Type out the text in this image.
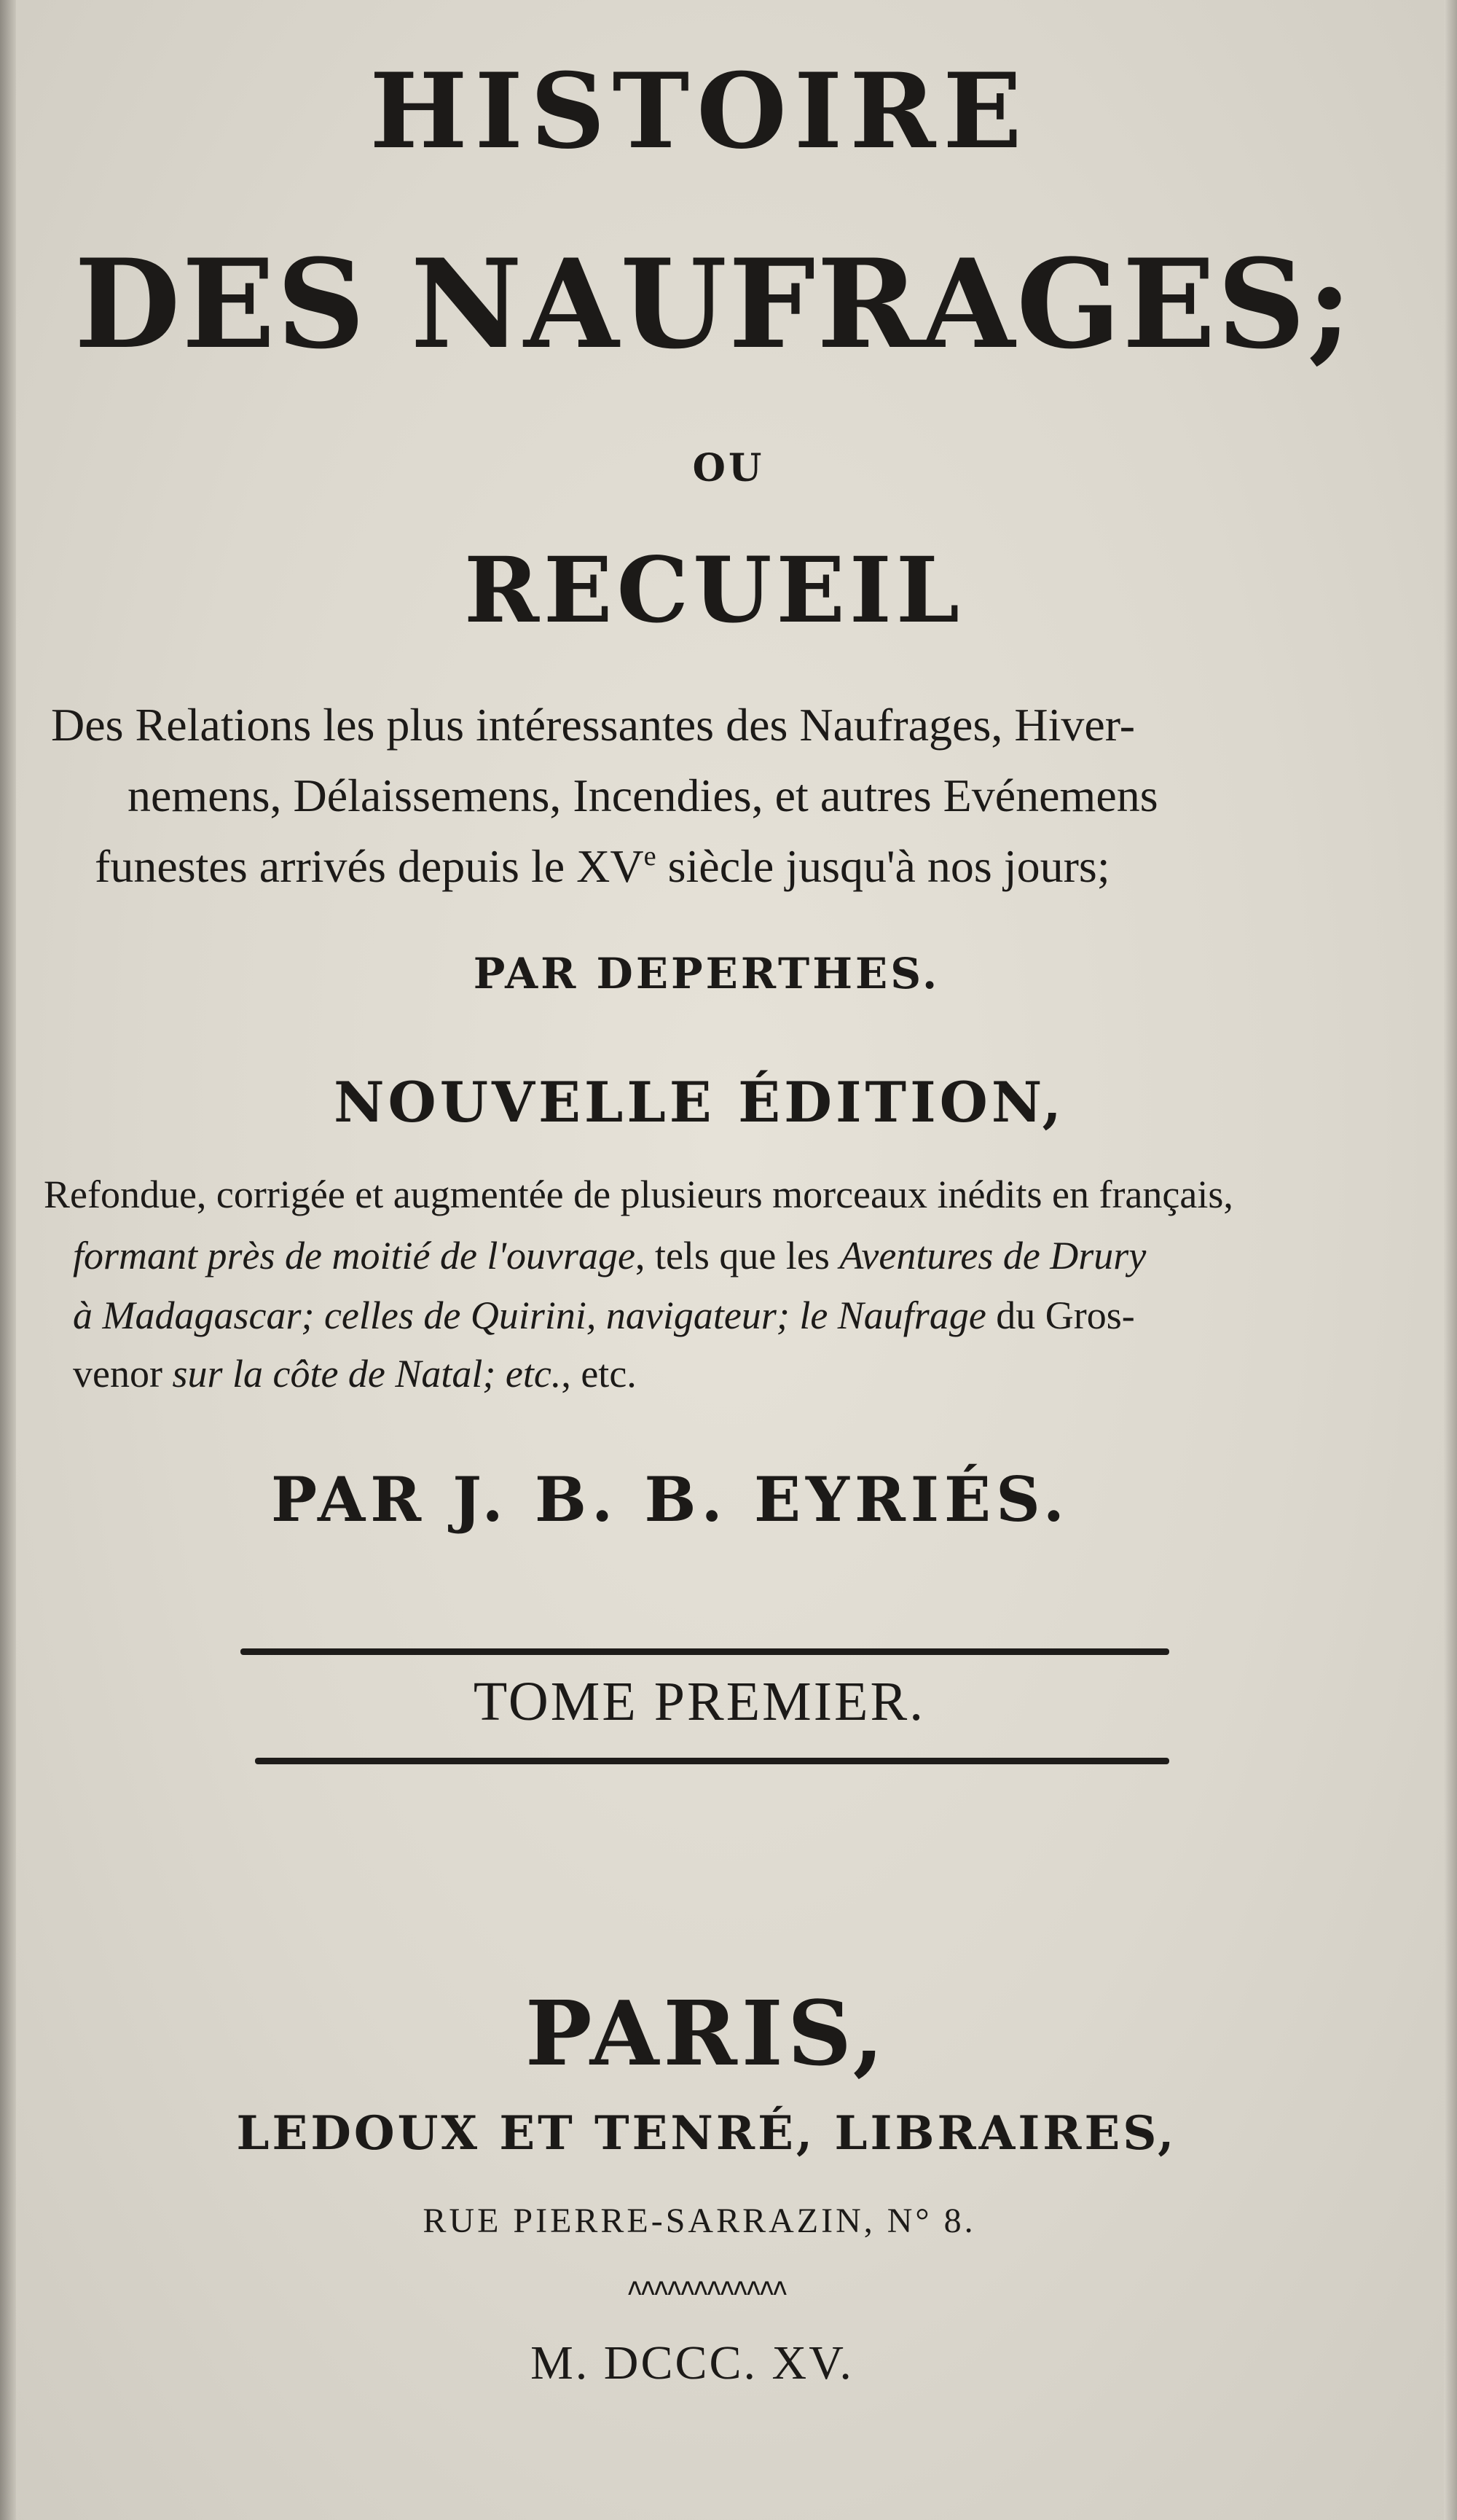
HISTOIRE

DES NAUFRAGES;

OU

RECUEIL

Des Relations les plus intéressantes des Naufrages, Hiver-

nemens, Délaissemens, Incendies, et autres Evénemens

funestes arrivés depuis le XVe siècle jusqu'à nos jours;

PAR DEPERTHES.

NOUVELLE ÉDITION,

Refondue, corrigée et augmentée de plusieurs morceaux inédits en français,

formant près de moitié de l'ouvrage, tels que les Aventures de Drury

à Madagascar; celles de Quirini, navigateur; le Naufrage du Gros-

venor sur la côte de Natal; etc., etc.

PAR J. B. B. EYRIÉS.

TOME PREMIER.

PARIS,

LEDOUX ET TENRÉ, LIBRAIRES,

RUE PIERRE-SARRAZIN, N° 8.

ʌʌʌʌʌʌʌʌʌʌʌʌ

M. DCCC. XV.
